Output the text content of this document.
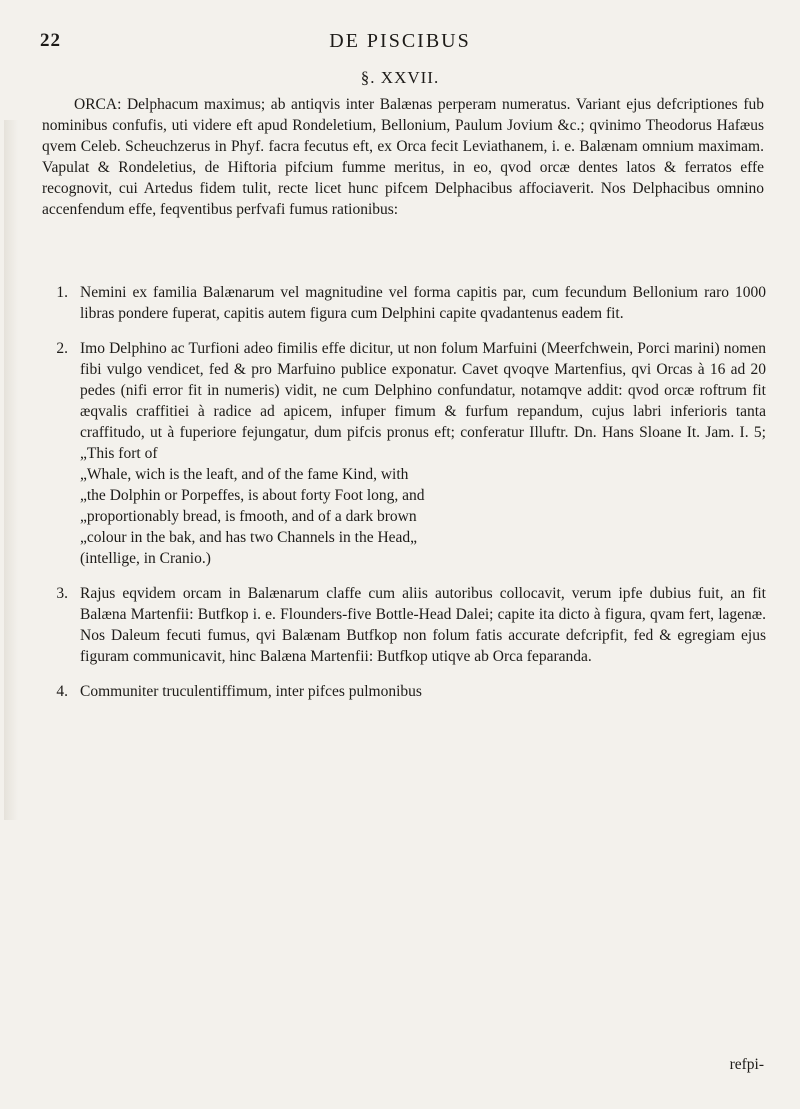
22	DE PISCIBUS
§. XXVII.
ORCA: Delphacum maximus; ab antiqvis inter Balænas perperam numeratus. Variant ejus defcriptiones fub nominibus confufis, uti videre eft apud Rondeletium, Bellonium, Paulum Jovium &c.; qvinimo Theodorus Hafæus qvem Celeb. Scheuchzerus in Phyf. facra fecutus eft, ex Orca fecit Leviathanem, i. e. Balænam omnium maximam. Vapulat & Rondeletius, de Hiftoria pifcium fumme meritus, in eo, qvod orcæ dentes latos & ferratos effe recognovit, cui Artedus fidem tulit, recte licet hunc pifcem Delphacibus affociaverit. Nos Delphacibus omnino accenfendum effe, feqventibus perfvafi fumus rationibus:
1. Nemini ex familia Balænarum vel magnitudine vel forma capitis par, cum fecundum Bellonium raro 1000 libras pondere fuperat, capitis autem figura cum Delphini capite qvadantenus eadem fit.
2. Imo Delphino ac Turfioni adeo fimilis effe dicitur, ut non folum Marfuini (Meerfchwein, Porci marini) nomen fibi vulgo vendicet, fed & pro Marfuino publice exponatur. Cavet qvoqve Martenfius, qvi Orcas à 16 ad 20 pedes (nifi error fit in numeris) vidit, ne cum Delphino confundatur, notamqve addit: qvod orcæ roftrum fit æqvalis craffitiei à radice ad apicem, infuper fimum & furfum repandum, cujus labri inferioris tanta craffitudo, ut à fuperiore fejungatur, dum pifcis pronus eft; conferatur Illuftr. Dn. Hans Sloane It. Jam. I. 5; „This fort of
„Whale, wich is the leaft, and of the fame Kind, with
„the Dolphin or Porpeffes, is about forty Foot long, and
„proportionably bread, is fmooth, and of a dark brown
„colour in the bak, and has two Channels in the Head„
(intellige, in Cranio.)
3. Rajus eqvidem orcam in Balænarum claffe cum aliis autoribus collocavit, verum ipfe dubius fuit, an fit Balæna Martenfii: Butfkop i. e. Flounders-five Bottle-Head Dalei; capite ita dicto à figura, qvam fert, lagenæ. Nos Daleum fecuti fumus, qvi Balænam Butfkop non folum fatis accurate defcripfit, fed & egregiam ejus figuram communicavit, hinc Balæna Martenfii: Butfkop utiqve ab Orca feparanda.
4. Communiter truculentiffimum, inter pifces pulmonibus
refpi-
